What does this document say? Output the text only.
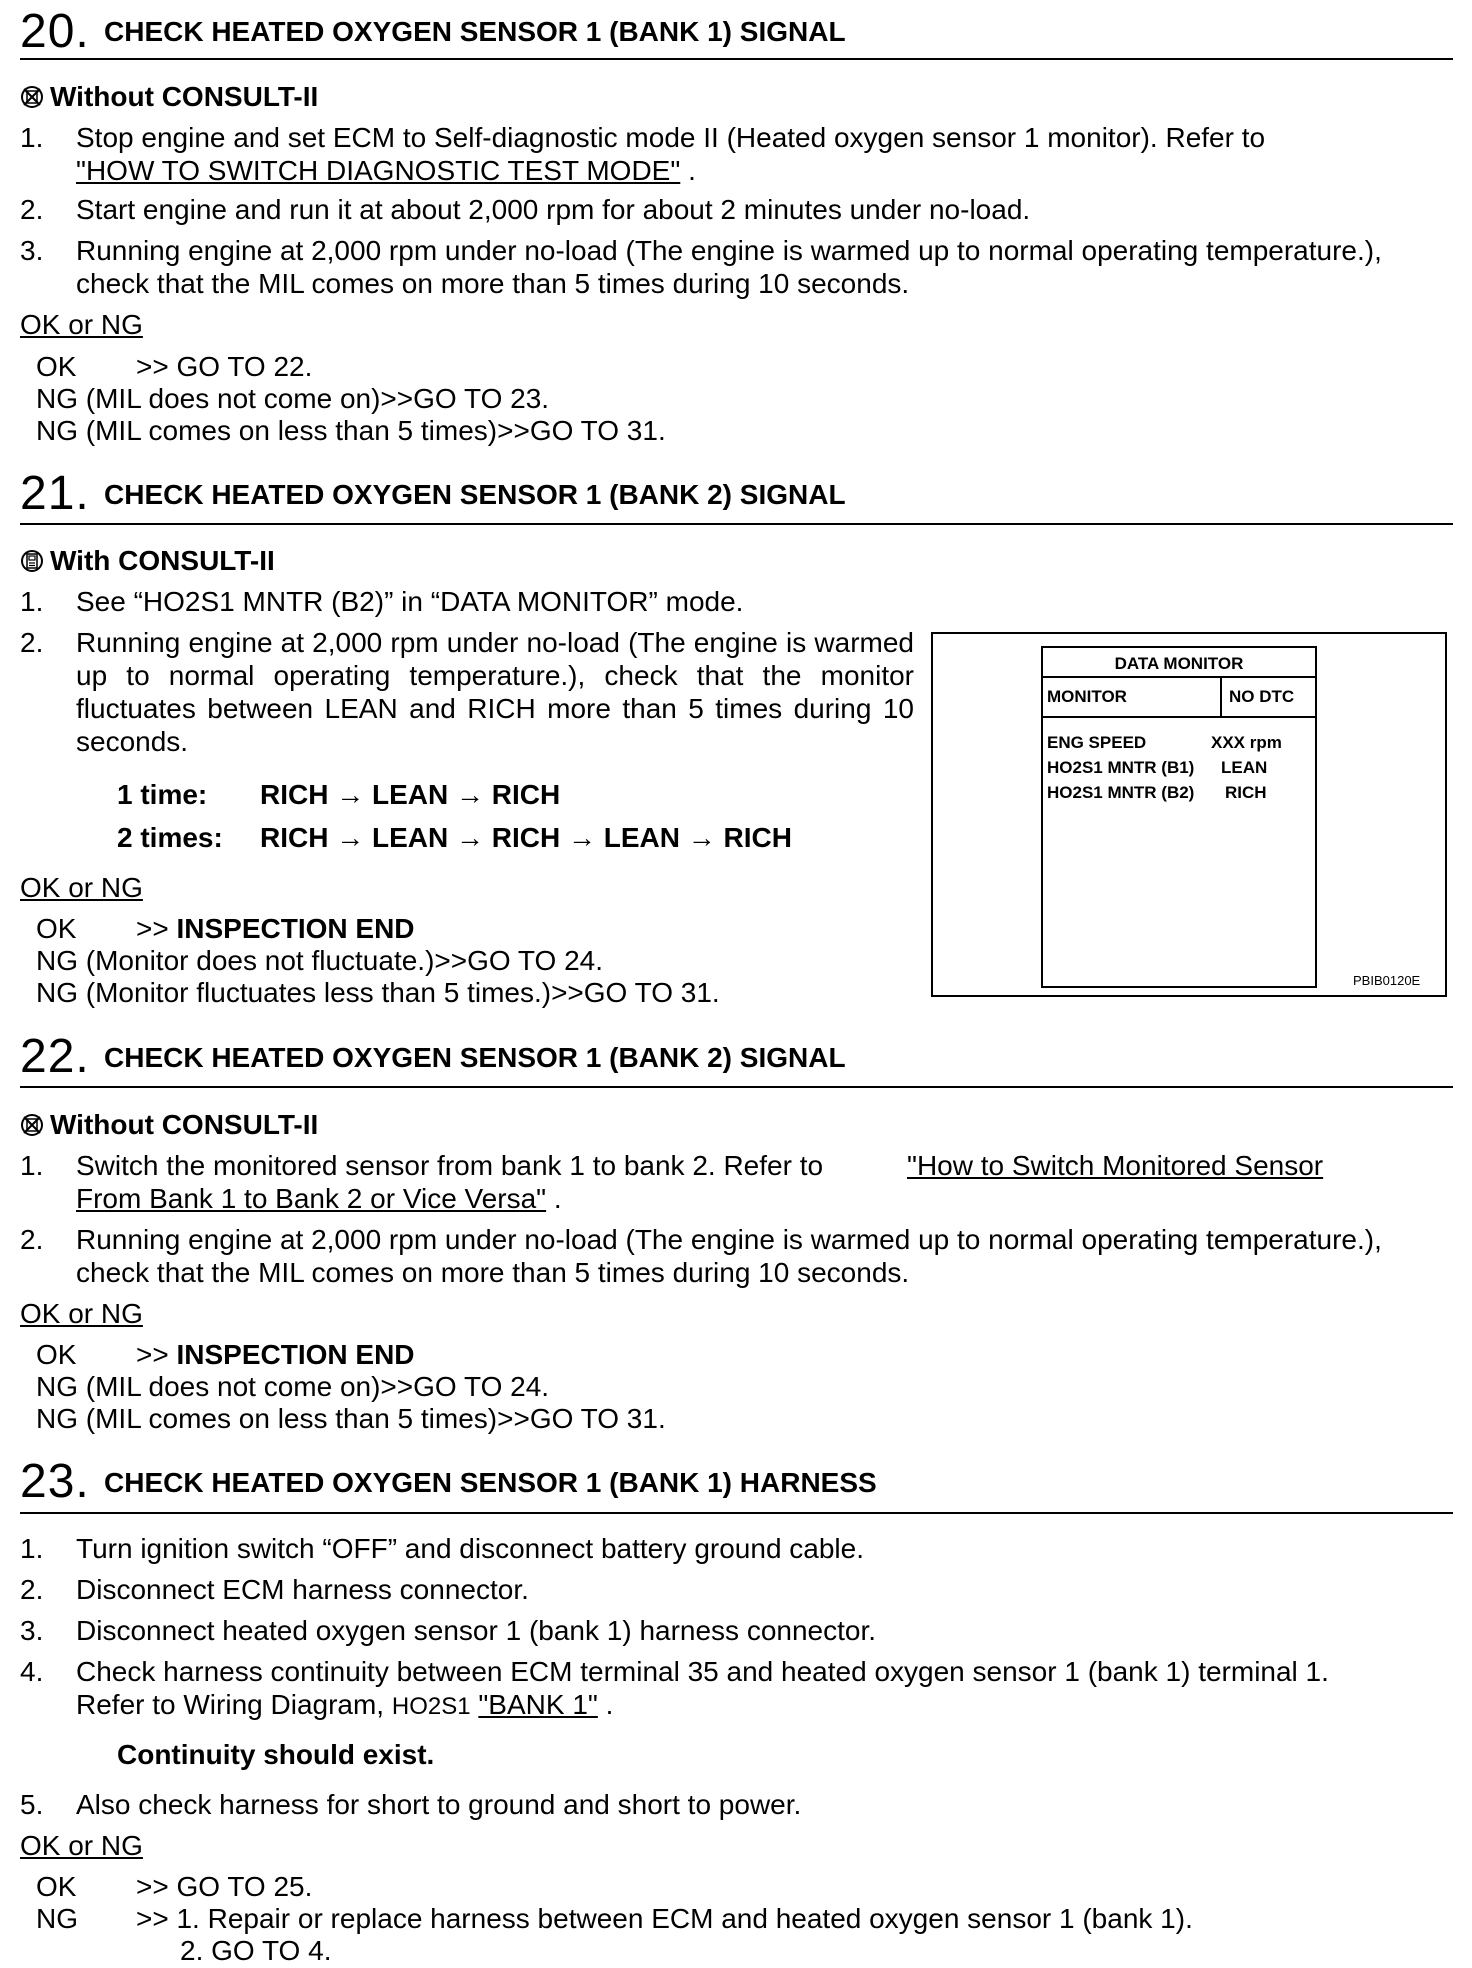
20. CHECK HEATED OXYGEN SENSOR 1 (BANK 1) SIGNAL
Without CONSULT-II
1. Stop engine and set ECM to Self-diagnostic mode II (Heated oxygen sensor 1 monitor). Refer to
"HOW TO SWITCH DIAGNOSTIC TEST MODE" .
2. Start engine and run it at about 2,000 rpm for about 2 minutes under no-load.
3. Running engine at 2,000 rpm under no-load (The engine is warmed up to normal operating temperature.),
check that the MIL comes on more than 5 times during 10 seconds.
OK or NG
OK >> GO TO 22.
NG (MIL does not come on)>>GO TO 23.
NG (MIL comes on less than 5 times)>>GO TO 31.
21. CHECK HEATED OXYGEN SENSOR 1 (BANK 2) SIGNAL
With CONSULT-II
1. See “HO2S1 MNTR (B2)” in “DATA MONITOR” mode.
2. Running engine at 2,000 rpm under no-load (The engine is warmed up to normal operating temperature.), check that the monitor fluctuates between LEAN and RICH more than 5 times during 10 seconds.
1 time: RICH → LEAN → RICH
2 times: RICH → LEAN → RICH → LEAN → RICH
OK or NG
OK >> INSPECTION END
NG (Monitor does not fluctuate.)>>GO TO 24.
NG (Monitor fluctuates less than 5 times.)>>GO TO 31.
DATA MONITOR
MONITOR	NO DTC
ENG SPEED	XXX rpm
HO2S1 MNTR (B1) LEAN
HO2S1 MNTR (B2) RICH
PBIB0120E
22. CHECK HEATED OXYGEN SENSOR 1 (BANK 2) SIGNAL
Without CONSULT-II
1. Switch the monitored sensor from bank 1 to bank 2. Refer to	"How to Switch Monitored Sensor
From Bank 1 to Bank 2 or Vice Versa" .
2. Running engine at 2,000 rpm under no-load (The engine is warmed up to normal operating temperature.),
check that the MIL comes on more than 5 times during 10 seconds.
OK or NG
OK >> INSPECTION END
NG (MIL does not come on)>>GO TO 24.
NG (MIL comes on less than 5 times)>>GO TO 31.
23. CHECK HEATED OXYGEN SENSOR 1 (BANK 1) HARNESS
1. Turn ignition switch “OFF” and disconnect battery ground cable.
2. Disconnect ECM harness connector.
3. Disconnect heated oxygen sensor 1 (bank 1) harness connector.
4. Check harness continuity between ECM terminal 35 and heated oxygen sensor 1 (bank 1) terminal 1.
Refer to Wiring Diagram, HO2S1 "BANK 1" .
Continuity should exist.
5. Also check harness for short to ground and short to power.
OK or NG
OK >> GO TO 25.
NG >> 1. Repair or replace harness between ECM and heated oxygen sensor 1 (bank 1).
2. GO TO 4.
